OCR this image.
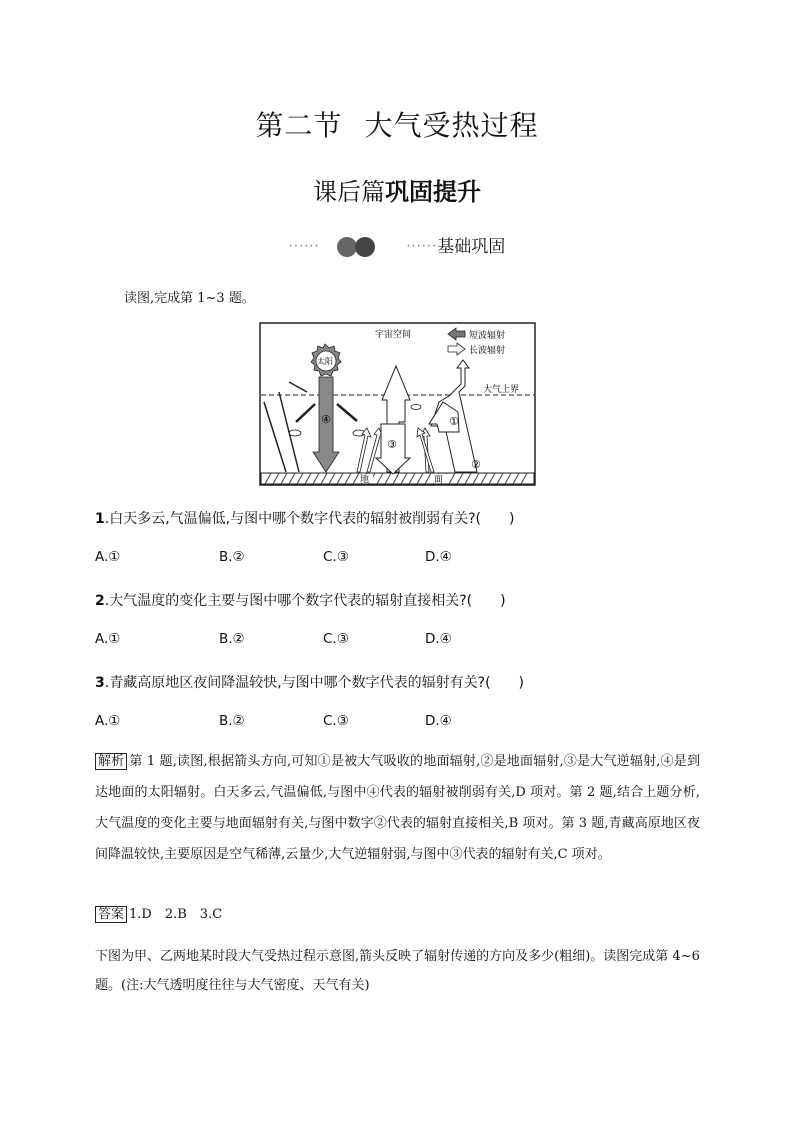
第二节 大气受热过程
课后篇巩固提升
······	······基础巩固
读图,完成第 1~3 题。
地	面
宇宙空间
大气上界
短波辐射
长波辐射
太阳
④
③
①
②
1.白天多云,气温偏低,与图中哪个数字代表的辐射被削弱有关?(　　)
A.①	B.②	C.③	D.④
2.大气温度的变化主要与图中哪个数字代表的辐射直接相关?(　　)
A.①	B.②	C.③	D.④
3.青藏高原地区夜间降温较快,与图中哪个数字代表的辐射有关?(　　)
A.①	B.②	C.③	D.④
解析 第 1 题,读图,根据箭头方向,可知①是被大气吸收的地面辐射,②是地面辐射,③是大气逆辐射,④是到达地面的太阳辐射。白天多云,气温偏低,与图中④代表的辐射被削弱有关,D 项对。第 2 题,结合上题分析,大气温度的变化主要与地面辐射有关,与图中数字②代表的辐射直接相关,B 项对。第 3 题,青藏高原地区夜间降温较快,主要原因是空气稀薄,云量少,大气逆辐射弱,与图中③代表的辐射有关,C 项对。
答案 1.D　2.B　3.C
下图为甲、乙两地某时段大气受热过程示意图,箭头反映了辐射传递的方向及多少(粗细)。读图完成第 4~6 题。(注:大气透明度往往与大气密度、天气有关)
